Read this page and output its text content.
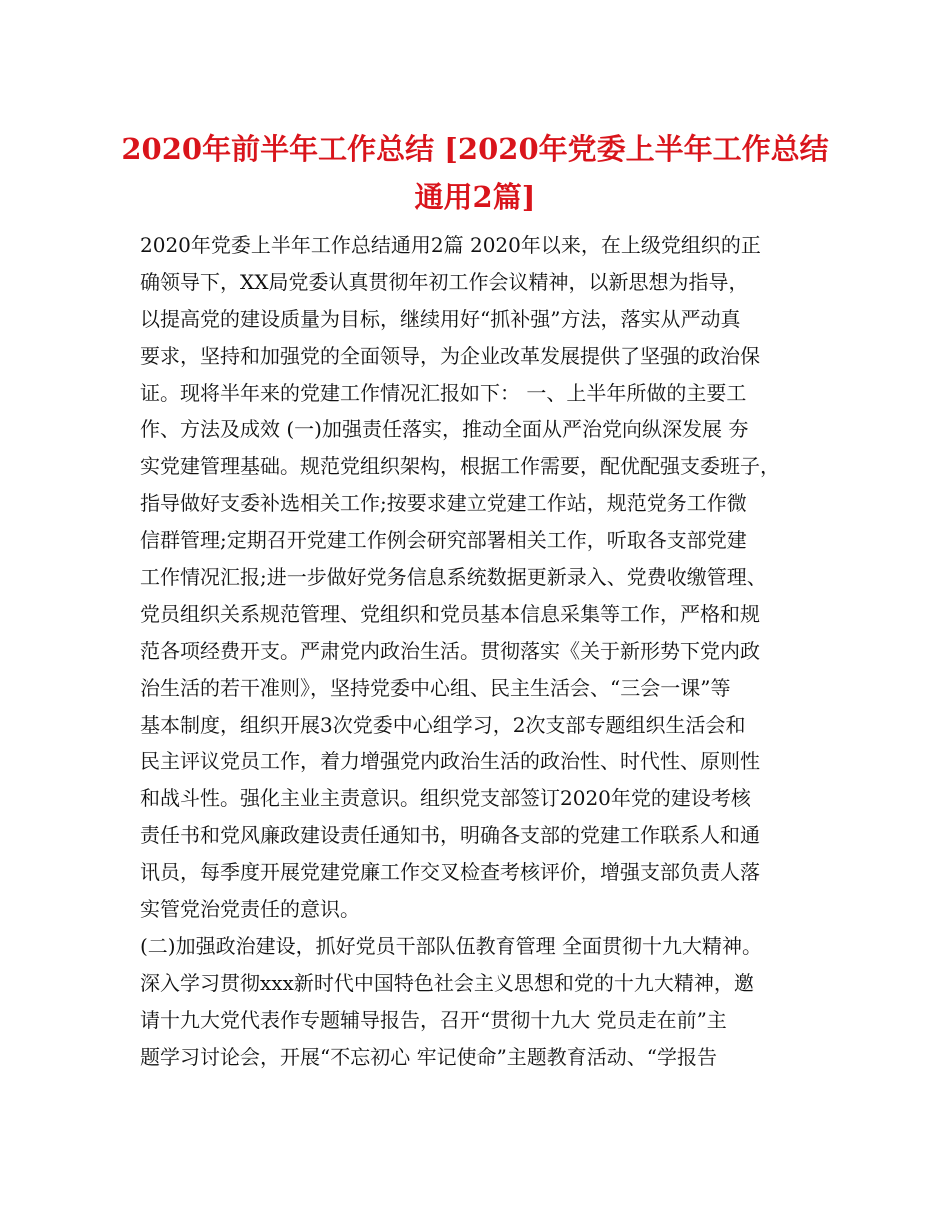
2020年前半年工作总结 [2020年党委上半年工作总结
通用2篇]
2020年党委上半年工作总结通用2篇 2020年以来，在上级党组织的正
确领导下，XX局党委认真贯彻年初工作会议精神，以新思想为指导，
以提高党的建设质量为目标，继续用好“抓补强”方法，落实从严动真
要求，坚持和加强党的全面领导，为企业改革发展提供了坚强的政治保
证。现将半年来的党建工作情况汇报如下： 一、上半年所做的主要工
作、方法及成效 (一)加强责任落实，推动全面从严治党向纵深发展 夯
实党建管理基础。规范党组织架构，根据工作需要，配优配强支委班子，
指导做好支委补选相关工作;按要求建立党建工作站，规范党务工作微
信群管理;定期召开党建工作例会研究部署相关工作，听取各支部党建
工作情况汇报;进一步做好党务信息系统数据更新录入、党费收缴管理、
党员组织关系规范管理、党组织和党员基本信息采集等工作，严格和规
范各项经费开支。严肃党内政治生活。贯彻落实《关于新形势下党内政
治生活的若干准则》，坚持党委中心组、民主生活会、“三会一课”等
基本制度，组织开展3次党委中心组学习，2次支部专题组织生活会和
民主评议党员工作，着力增强党内政治生活的政治性、时代性、原则性
和战斗性。强化主业主责意识。组织党支部签订2020年党的建设考核
责任书和党风廉政建设责任通知书，明确各支部的党建工作联系人和通
讯员，每季度开展党建党廉工作交叉检查考核评价，增强支部负责人落
实管党治党责任的意识。
(二)加强政治建设，抓好党员干部队伍教育管理 全面贯彻十九大精神。
深入学习贯彻xxx新时代中国特色社会主义思想和党的十九大精神，邀
请十九大党代表作专题辅导报告，召开“贯彻十九大 党员走在前”主
题学习讨论会，开展“不忘初心 牢记使命”主题教育活动、“学报告
